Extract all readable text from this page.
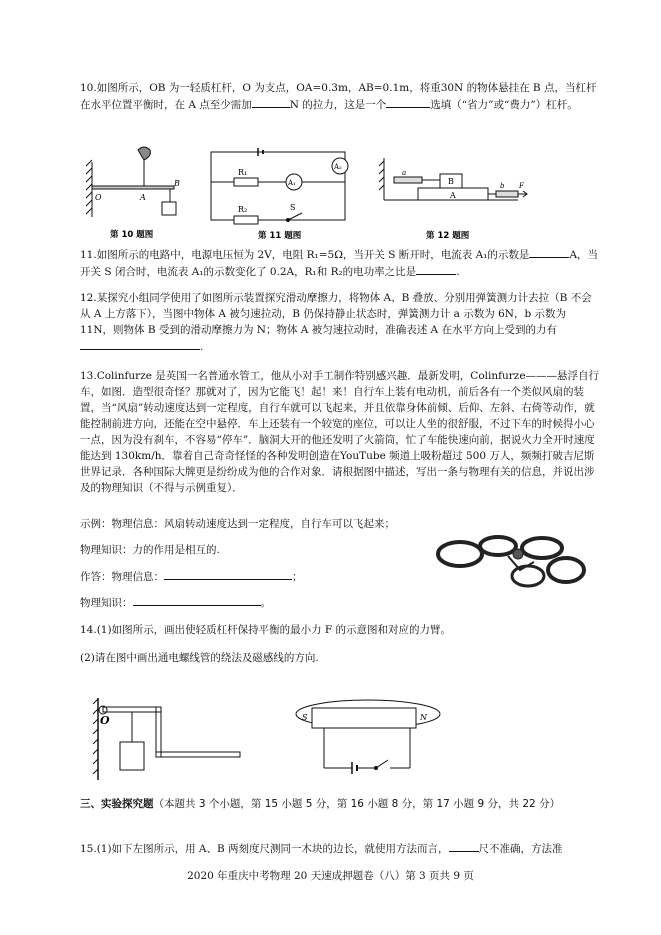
10.如图所示，OB 为一轻质杠杆，O 为支点，OA=0.3m，AB=0.1m，将重30N 的物体悬挂在 B 点，当杠杆在水平位置平衡时，在 A 点至少需加	N 的拉力，这是一个	选填（“省力”或“费力”）杠杆。

O	A
B
第 10 题图
R₁
A₁
A₂
R₂	S
第 11 题图
a
B
A
b F
第 12 题图

11.如图所示的电路中，电源电压恒为 2V，电阻 R₁=5Ω，当开关 S 断开时，电流表 A₁的示数是	A，当开关 S 闭合时，电流表 A₁的示数变化了 0.2A，R₁和 R₂的电功率之比是	.

12.某探究小组同学使用了如图所示装置探究滑动摩擦力，将物体 A、B 叠放、分别用弹簧测力计去拉（B 不会从 A 上方落下），当图中物体 A 被匀速拉动，B 仍保持静止状态时，弹簧测力计 a 示数为 6N，b 示数为 11N，则物体 B 受到的滑动摩擦力为 N；物体 A 被匀速拉动时，准确表述 A 在水平方向上受到的力有.

13.Colinfurze 是英国一名普通水管工，他从小对手工制作特别感兴趣．最新发明，Colinfurze———悬浮自行车，如图．造型很奇怪？那就对了，因为它能飞！起！来！自行车上装有电动机，前后各有一个类似风扇的装置，当“风扇”转动速度达到一定程度，自行车就可以飞起来，并且依靠身体前倾、后仰、左斜、右倚等动作，就能控制前进方向，还能在空中悬停．车上还装有一个较宽的座位，可以让人坐的很舒服，不过下车的时候得小心一点，因为没有刹车，不容易“停车”．脑洞大开的他还发明了火箭筒，忙了车能快速向前，据说火力全开时速度能达到 130km/h．靠着自己奇奇怪怪的各种发明创造在YouTube 频道上吸粉超过 500 万人，频频打破吉尼斯世界记录．各种国际大牌更是纷纷成为他的合作对象．请根据图中描述，写出一条与物理有关的信息，并说出涉及的物理知识（不得与示例重复）．

示例：物理信息：风扇转动速度达到一定程度，自行车可以飞起来；

物理知识：力的作用是相互的.

作答：物理信息：	；

物理知识：	。

14.(1)如图所示，画出使轻质杠杆保持平衡的最小力 F 的示意图和对应的力臂。

(2)请在图中画出通电螺线管的绕法及磁感线的方向.

O	S	N

三、实验探究题（本题共 3 个小题，第 15 小题 5 分，第 16 小题 8 分，第 17 小题 9 分，共 22 分）

15.(1)如下左图所示，用 A、B 两刻度尺测同一木块的边长，就使用方法而言，	尺不准确，方法准

2020 年重庆中考物理 20 天速成押题卷（八）第 3 页共 9 页
